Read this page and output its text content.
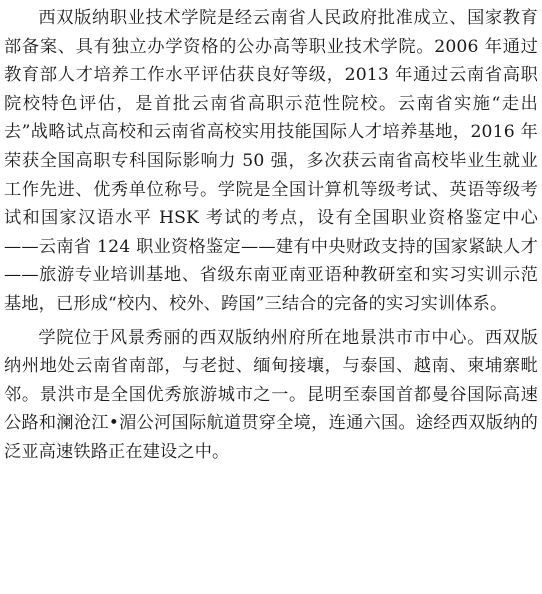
西双版纳职业技术学院是经云南省人民政府批准成立、国家教育部备案、具有独立办学资格的公办高等职业技术学院。2006 年通过教育部人才培养工作水平评估获良好等级，2013 年通过云南省高职院校特色评估，是首批云南省高职示范性院校。云南省实施“走出去”战略试点高校和云南省高校实用技能国际人才培养基地，2016 年荣获全国高职专科国际影响力 50 强，多次获云南省高校毕业生就业工作先进、优秀单位称号。学院是全国计算机等级考试、英语等级考试和国家汉语水平 HSK 考试的考点，设有全国职业资格鉴定中心——云南省 124 职业资格鉴定——建有中央财政支持的国家紧缺人才——旅游专业培训基地、省级东南亚南亚语种教研室和实习实训示范基地，已形成“校内、校外、跨国”三结合的完备的实习实训体系。

学院位于风景秀丽的西双版纳州府所在地景洪市市中心。西双版纳州地处云南省南部，与老挝、缅甸接壤，与泰国、越南、柬埔寨毗邻。景洪市是全国优秀旅游城市之一。昆明至泰国首都曼谷国际高速公路和澜沧江•湄公河国际航道贯穿全境，连通六国。途经西双版纳的泛亚高速铁路正在建设之中。
